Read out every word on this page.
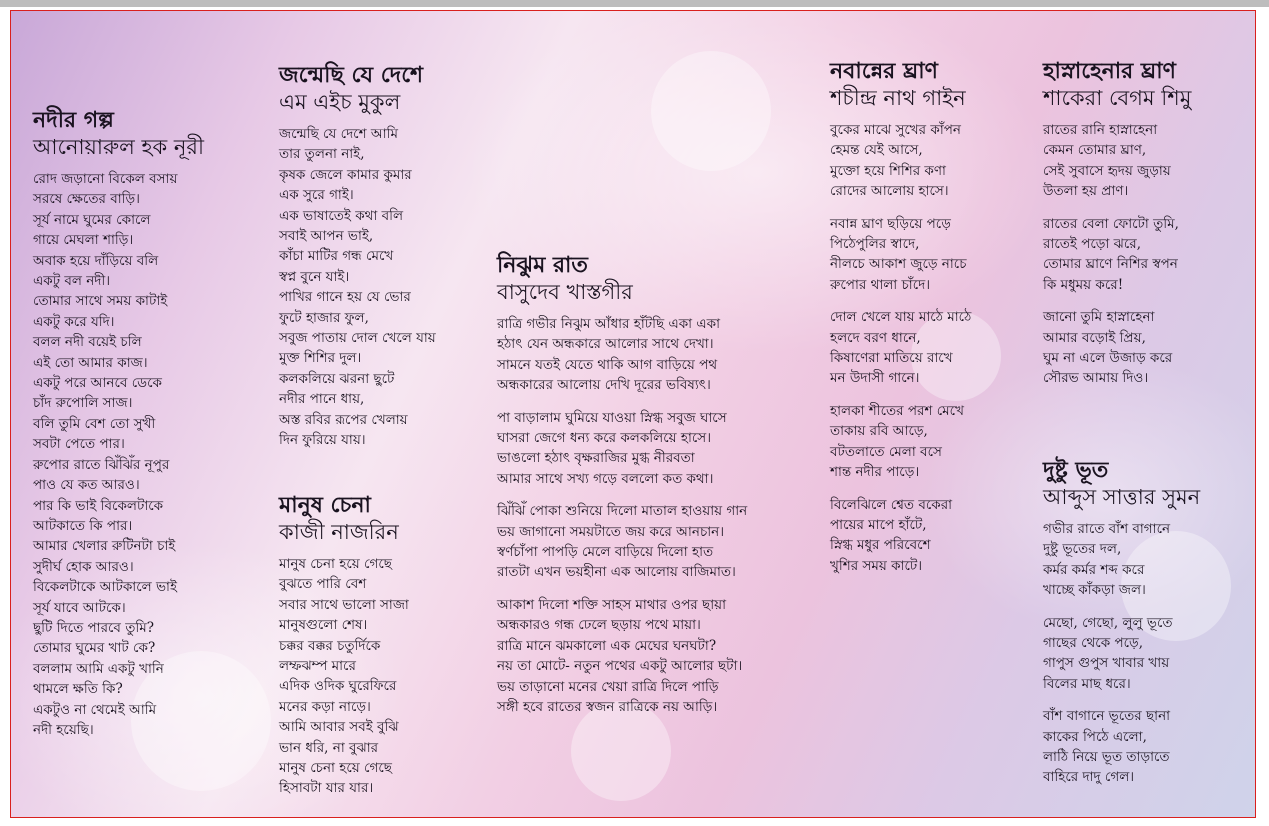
নদীর গল্প
আনোয়ারুল হক নূরী
রোদ জড়ানো বিকেল বসায়
সরষে ক্ষেতের বাড়ি।
সূর্য নামে ঘুমের কোলে
গায়ে মেঘলা শাড়ি।
অবাক হয়ে দাঁড়িয়ে বলি
একটু বল নদী।
তোমার সাথে সময় কাটাই
একটু করে যদি।
বলল নদী বয়েই চলি
এই তো আমার কাজ।
একটু পরে আনবে ডেকে
চাঁদ রুপোলি সাজ।
বলি তুমি বেশ তো সুখী
সবটা পেতে পার।
রুপোর রাতে ঝিঁঝিঁর নূপুর
পাও যে কত আরও।
পার কি ভাই বিকেলটাকে
আটকাতে কি পার।
আমার খেলার রুটিনটা চাই
সুদীর্ঘ হোক আরও।
বিকেলটাকে আটকালে ভাই
সূর্য যাবে আটকে।
ছুটি দিতে পারবে তুমি?
তোমার ঘুমের খাট কে?
বললাম আমি একটু খানি
থামলে ক্ষতি কি?
একটুও না থেমেই আমি
নদী হয়েছি।
জন্মেছি যে দেশে
এম এইচ মুকুল
জন্মেছি যে দেশে আমি
তার তুলনা নাই,
কৃষক জেলে কামার কুমার
এক সুরে গাই।
এক ভাষাতেই কথা বলি
সবাই আপন ভাই,
কাঁচা মাটির গন্ধ মেখে
স্বপ্ন বুনে যাই।
পাখির গানে হয় যে ভোর
ফুটে হাজার ফুল,
সবুজ পাতায় দোল খেলে যায়
মুক্ত শিশির দুল।
কলকলিয়ে ঝরনা ছুটে
নদীর পানে ধায়,
অস্ত রবির রূপের খেলায়
দিন ফুরিয়ে যায়।
মানুষ চেনা
কাজী নাজরিন
মানুষ চেনা হয়ে গেছে
বুঝতে পারি বেশ
সবার সাথে ভালো সাজা
মানুষগুলো শেষ।
চক্কর বক্কর চতুর্দিকে
লম্ফঝম্প মারে
এদিক ওদিক ঘুরেফিরে
মনের কড়া নাড়ে।
আমি আবার সবই বুঝি
ভান ধরি, না বুঝার
মানুষ চেনা হয়ে গেছে
হিসাবটা যার যার।
নিঝুম রাত
বাসুদেব খাস্তগীর
রাত্রি গভীর নিঝুম আঁধার হাঁটছি একা একা
হঠাৎ যেন অন্ধকারে আলোর সাথে দেখা।
সামনে যতই যেতে থাকি আগ বাড়িয়ে পথ
অন্ধকারের আলোয় দেখি দূরের ভবিষ্যৎ।
পা বাড়ালাম ঘুমিয়ে যাওয়া স্নিগ্ধ সবুজ ঘাসে
ঘাসরা জেগে ধন্য করে কলকলিয়ে হাসে।
ভাঙলো হঠাৎ বৃক্ষরাজির মুগ্ধ নীরবতা
আমার সাথে সখ্য গড়ে বললো কত কথা।
ঝিঁঝিঁ পোকা শুনিয়ে দিলো মাতাল হাওয়ায় গান
ভয় জাগানো সময়টাতে জয় করে আনচান।
স্বর্ণচাঁপা পাপড়ি মেলে বাড়িয়ে দিলো হাত
রাতটা এখন ভয়হীনা এক আলোয় বাজিমাত।
আকাশ দিলো শক্তি সাহস মাথার ওপর ছায়া
অন্ধকারও গন্ধ ঢেলে ছড়ায় পথে মায়া।
রাত্রি মানে ঝমকালো এক মেঘের ঘনঘটা?
নয় তা মোটে- নতুন পথের একটু আলোর ছটা।
ভয় তাড়ানো মনের খেয়া রাত্রি দিলে পাড়ি
সঙ্গী হবে রাতের স্বজন রাত্রিকে নয় আড়ি।
নবান্নের ঘ্রাণ
শচীন্দ্র নাথ গাইন
বুকের মাঝে সুখের কাঁপন
হেমন্ত যেই আসে,
মুক্তো হয়ে শিশির কণা
রোদের আলোয় হাসে।
নবান্ন ঘ্রাণ ছড়িয়ে পড়ে
পিঠেপুলির স্বাদে,
নীলচে আকাশ জুড়ে নাচে
রুপোর থালা চাঁদে।
দোল খেলে যায় মাঠে মাঠে
হলদে বরণ ধানে,
কিষাণেরা মাতিয়ে রাখে
মন উদাসী গানে।
হালকা শীতের পরশ মেখে
তাকায় রবি আড়ে,
বটতলাতে মেলা বসে
শান্ত নদীর পাড়ে।
বিলেঝিলে শ্বেত বকেরা
পায়ের মাপে হাঁটে,
স্নিগ্ধ মধুর পরিবেশে
খুশির সময় কাটে।
হাস্নাহেনার ঘ্রাণ
শাকেরা বেগম শিমু
রাতের রানি হাস্নাহেনা
কেমন তোমার ঘ্রাণ,
সেই সুবাসে হৃদয় জুড়ায়
উতলা হয় প্রাণ।
রাতের বেলা ফোটো তুমি,
রাতেই পড়ো ঝরে,
তোমার ঘ্রাণে নিশির স্বপন
কি মধুময় করে!
জানো তুমি হাস্নাহেনা
আমার বড়োই প্রিয়,
ঘুম না এলে উজাড় করে
সৌরভ আমায় দিও।
দুষ্টু ভূত
আব্দুস সাত্তার সুমন
গভীর রাতে বাঁশ বাগানে
দুষ্টু ভূতের দল,
কর্মর কর্মর শব্দ করে
খাচ্ছে কাঁকড়া জল।
মেছো, গেছো, লুলু ভূতে
গাছের থেকে পড়ে,
গাপুস গুপুস খাবার খায়
বিলের মাছ ধরে।
বাঁশ বাগানে ভূতের ছানা
কাকের পিঠে এলো,
লাঠি নিয়ে ভূত তাড়াতে
বাহিরে দাদু গেল।
